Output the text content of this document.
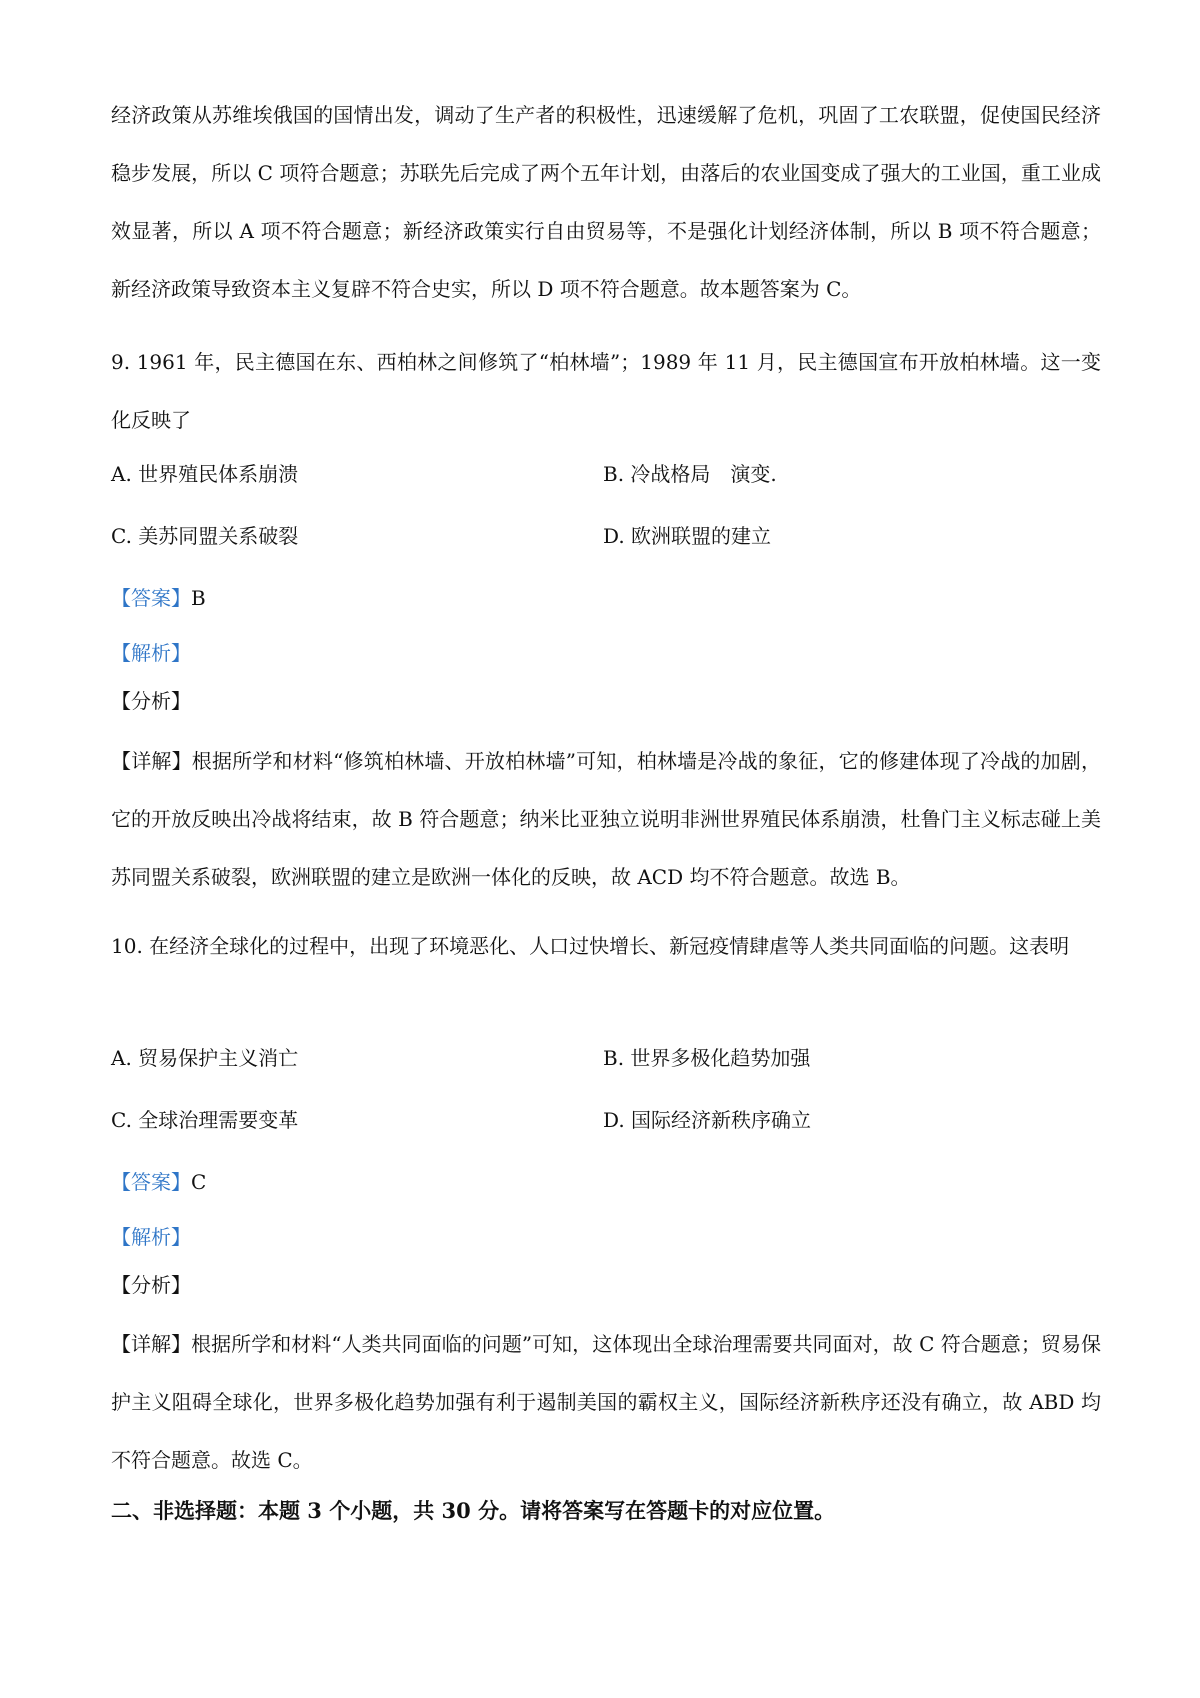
经济政策从苏维埃俄国的国情出发，调动了生产者的积极性，迅速缓解了危机，巩固了工农联盟，促使国民经济稳步发展，所以 C 项符合题意；苏联先后完成了两个五年计划，由落后的农业国变成了强大的工业国，重工业成效显著，所以 A 项不符合题意；新经济政策实行自由贸易等，不是强化计划经济体制，所以 B 项不符合题意；新经济政策导致资本主义复辟不符合史实，所以 D 项不符合题意。故本题答案为 C。

9. 1961 年，民主德国在东、西柏林之间修筑了“柏林墙”；1989 年 11 月，民主德国宣布开放柏林墙。这一变化反映了

A. 世界殖民体系崩溃	B. 冷战格局　演变.
C. 美苏同盟关系破裂	D. 欧洲联盟的建立
【答案】B
【解析】
【分析】

【详解】根据所学和材料“修筑柏林墙、开放柏林墙”可知，柏林墙是冷战的象征，它的修建体现了冷战的加剧，它的开放反映出冷战将结束，故 B 符合题意；纳米比亚独立说明非洲世界殖民体系崩溃，杜鲁门主义标志碰上美苏同盟关系破裂，欧洲联盟的建立是欧洲一体化的反映，故 ACD 均不符合题意。故选 B。

10. 在经济全球化的过程中，出现了环境恶化、人口过快增长、新冠疫情肆虐等人类共同面临的问题。这表明

A. 贸易保护主义消亡	B. 世界多极化趋势加强
C. 全球治理需要变革	D. 国际经济新秩序确立
【答案】C
【解析】
【分析】

【详解】根据所学和材料“人类共同面临的问题”可知，这体现出全球治理需要共同面对，故 C 符合题意；贸易保护主义阻碍全球化，世界多极化趋势加强有利于遏制美国的霸权主义，国际经济新秩序还没有确立，故 ABD 均不符合题意。故选 C。

二、非选择题：本题 3 个小题，共 30 分。请将答案写在答题卡的对应位置。
